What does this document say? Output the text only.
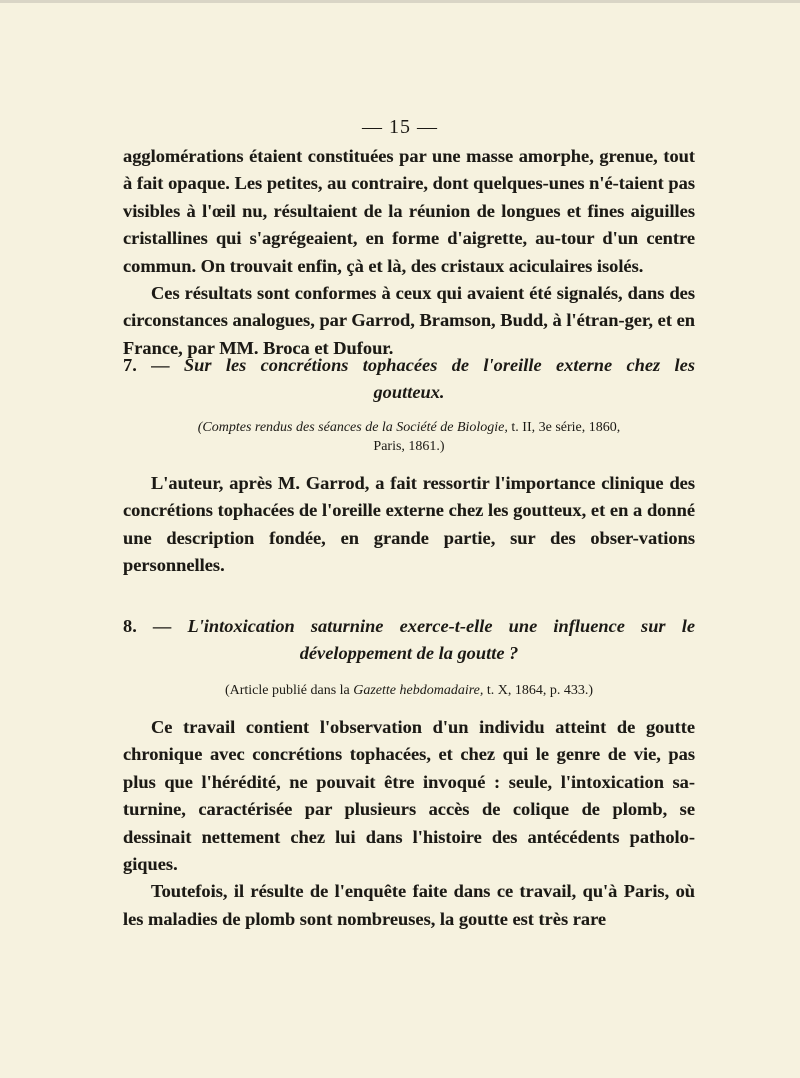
— 15 —

agglomérations étaient constituées par une masse amorphe, grenue, tout à fait opaque. Les petites, au contraire, dont quelques-unes n'é-taient pas visibles à l'œil nu, résultaient de la réunion de longues et fines aiguilles cristallines qui s'agrégeaient, en forme d'aigrette, au-tour d'un centre commun. On trouvait enfin, çà et là, des cristaux aciculaires isolés.

Ces résultats sont conformes à ceux qui avaient été signalés, dans des circonstances analogues, par Garrod, Bramson, Budd, à l'étran-ger, et en France, par MM. Broca et Dufour.

7. — Sur les concrétions tophacées de l'oreille externe chez les
goutteux.

(Comptes rendus des séances de la Société de Biologie, t. II, 3e série, 1860,
Paris, 1861.)

L'auteur, après M. Garrod, a fait ressortir l'importance clinique des concrétions tophacées de l'oreille externe chez les goutteux, et en a donné une description fondée, en grande partie, sur des obser-vations personnelles.

8. — L'intoxication saturnine exerce-t-elle une influence sur le
développement de la goutte ?

(Article publié dans la Gazette hebdomadaire, t. X, 1864, p. 433.)

Ce travail contient l'observation d'un individu atteint de goutte chronique avec concrétions tophacées, et chez qui le genre de vie, pas plus que l'hérédité, ne pouvait être invoqué : seule, l'intoxication sa-turnine, caractérisée par plusieurs accès de colique de plomb, se dessinait nettement chez lui dans l'histoire des antécédents patholo-giques.

Toutefois, il résulte de l'enquête faite dans ce travail, qu'à Paris, où les maladies de plomb sont nombreuses, la goutte est très rare
